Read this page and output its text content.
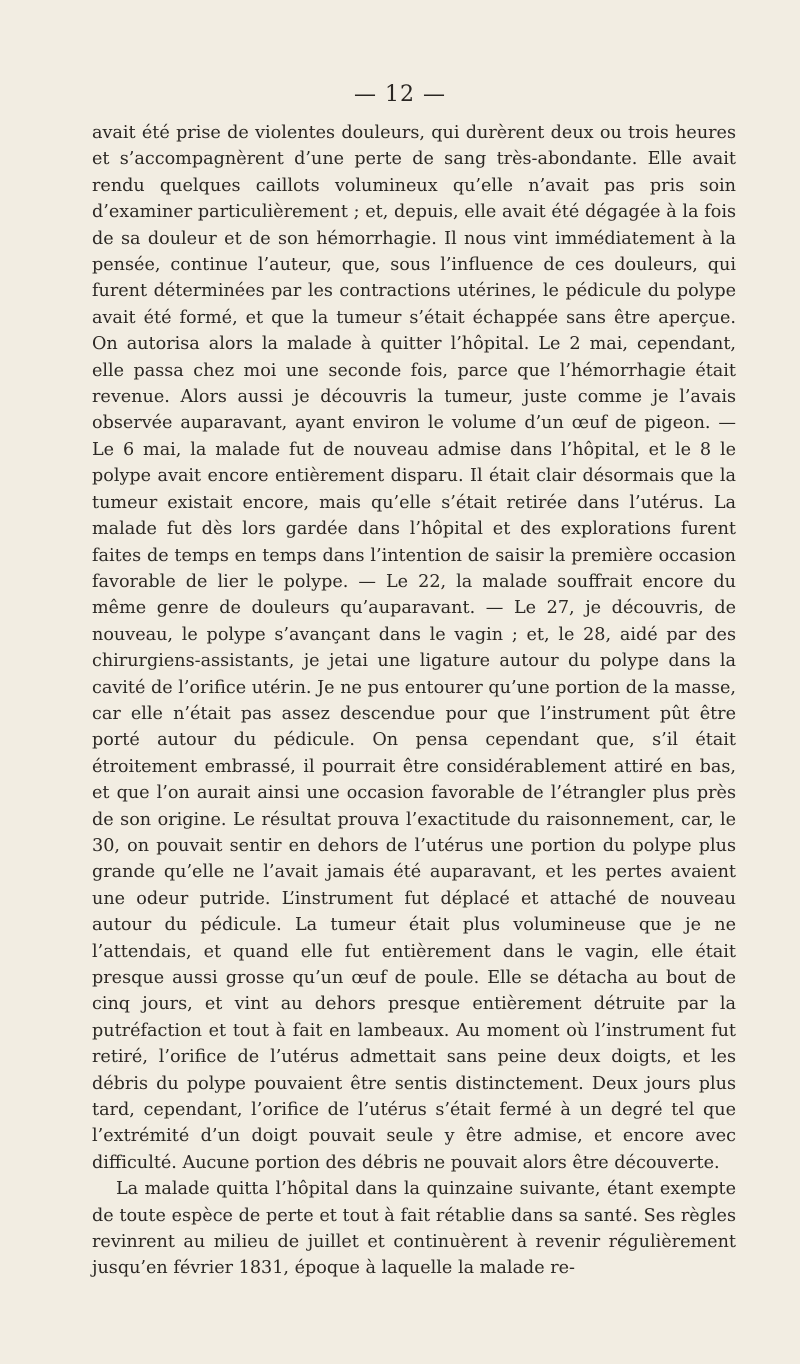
— 12 —

avait été prise de violentes douleurs, qui durèrent deux ou trois heures et s’accompagnèrent d’une perte de sang très-abondante. Elle avait rendu quelques caillots volumineux qu’elle n’avait pas pris soin d’examiner particulièrement ; et, depuis, elle avait été dégagée à la fois de sa douleur et de son hémorrhagie. Il nous vint immédiatement à la pensée, continue l’auteur, que, sous l’influence de ces douleurs, qui furent déterminées par les contractions utérines, le pédicule du polype avait été formé, et que la tumeur s’était échappée sans être aperçue. On autorisa alors la malade à quitter l’hôpital. Le 2 mai, cependant, elle passa chez moi une seconde fois, parce que l’hémorrhagie était revenue. Alors aussi je découvris la tumeur, juste comme je l’avais observée auparavant, ayant environ le volume d’un œuf de pigeon. — Le 6 mai, la malade fut de nouveau admise dans l’hôpital, et le 8 le polype avait encore entièrement disparu. Il était clair désormais que la tumeur existait encore, mais qu’elle s’était retirée dans l’utérus. La malade fut dès lors gardée dans l’hôpital et des explorations furent faites de temps en temps dans l’intention de saisir la première occasion favorable de lier le polype. — Le 22, la malade souffrait encore du même genre de douleurs qu’auparavant. — Le 27, je découvris, de nouveau, le polype s’avançant dans le vagin ; et, le 28, aidé par des chirurgiens-assistants, je jetai une ligature autour du polype dans la cavité de l’orifice utérin. Je ne pus entourer qu’une portion de la masse, car elle n’était pas assez descendue pour que l’instrument pût être porté autour du pédicule. On pensa cependant que, s’il était étroitement embrassé, il pourrait être considérablement attiré en bas, et que l’on aurait ainsi une occasion favorable de l’étrangler plus près de son origine. Le résultat prouva l’exactitude du raisonnement, car, le 30, on pouvait sentir en dehors de l’utérus une portion du polype plus grande qu’elle ne l’avait jamais été auparavant, et les pertes avaient une odeur putride. L’instrument fut déplacé et attaché de nouveau autour du pédicule. La tumeur était plus volumineuse que je ne l’attendais, et quand elle fut entièrement dans le vagin, elle était presque aussi grosse qu’un œuf de poule. Elle se détacha au bout de cinq jours, et vint au dehors presque entièrement détruite par la putréfaction et tout à fait en lambeaux. Au moment où l’instrument fut retiré, l’orifice de l’utérus admettait sans peine deux doigts, et les débris du polype pouvaient être sentis distinctement. Deux jours plus tard, cependant, l’orifice de l’utérus s’était fermé à un degré tel que l’extrémité d’un doigt pouvait seule y être admise, et encore avec difficulté. Aucune portion des débris ne pouvait alors être découverte.

La malade quitta l’hôpital dans la quinzaine suivante, étant exempte de toute espèce de perte et tout à fait rétablie dans sa santé. Ses règles revinrent au milieu de juillet et continuèrent à revenir régulièrement jusqu’en février 1831, époque à laquelle la malade re-
